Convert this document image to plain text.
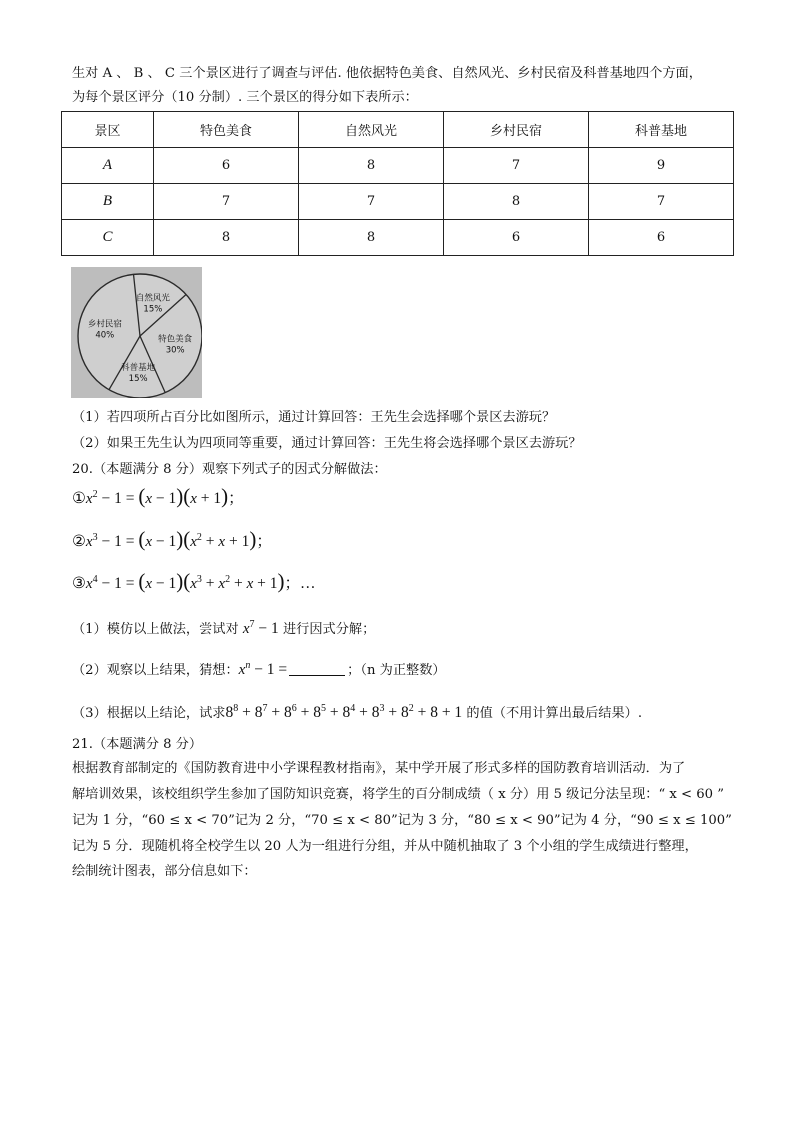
生对 A 、 B 、 C 三个景区进行了调查与评估. 他依据特色美食、自然风光、乡村民宿及科普基地四个方面，
为每个景区评分（10 分制）. 三个景区的得分如下表所示：
景区	特色美食	自然风光	乡村民宿	科普基地
A	6	8	7	9
B	7	7	8	7
C	8	8	6	6
特色美食
30%
科普基地
15%
乡村民宿
40%
自然风光
15%
（1）若四项所占百分比如图所示，通过计算回答：王先生会选择哪个景区去游玩？
（2）如果王先生认为四项同等重要，通过计算回答：王先生将会选择哪个景区去游玩？
20.（本题满分 8 分）观察下列式子的因式分解做法：
$①x^2 - 1 = (x - 1)(x + 1)$；
$②x^3 - 1 = (x - 1)(x^2 + x + 1)$；
$③x^4 - 1 = (x - 1)(x^3 + x^2 + x + 1)$；…
（1）模仿以上做法，尝试对 $x^7 - 1$ 进行因式分解；
（2）观察以上结果，猜想：$x^n - 1$ =	；（n 为正整数）
（3）根据以上结论，试求$8^8 + 8^7 + 8^6 + 8^5 + 8^4 + 8^3 + 8^2 + 8 + 1$ 的值（不用计算出最后结果）.
21.（本题满分 8 分）
根据教育部制定的《国防教育进中小学课程教材指南》，某中学开展了形式多样的国防教育培训活动．为了
解培训效果，该校组织学生参加了国防知识竞赛，将学生的百分制成绩（ x 分）用 5 级记分法呈现：“ x < 60 ”
记为 1 分，“60 ≤ x < 70”记为 2 分，“70 ≤ x < 80”记为 3 分，“80 ≤ x < 90”记为 4 分，“90 ≤ x ≤ 100”
记为 5 分．现随机将全校学生以 20 人为一组进行分组，并从中随机抽取了 3 个小组的学生成绩进行整理，
绘制统计图表，部分信息如下：
